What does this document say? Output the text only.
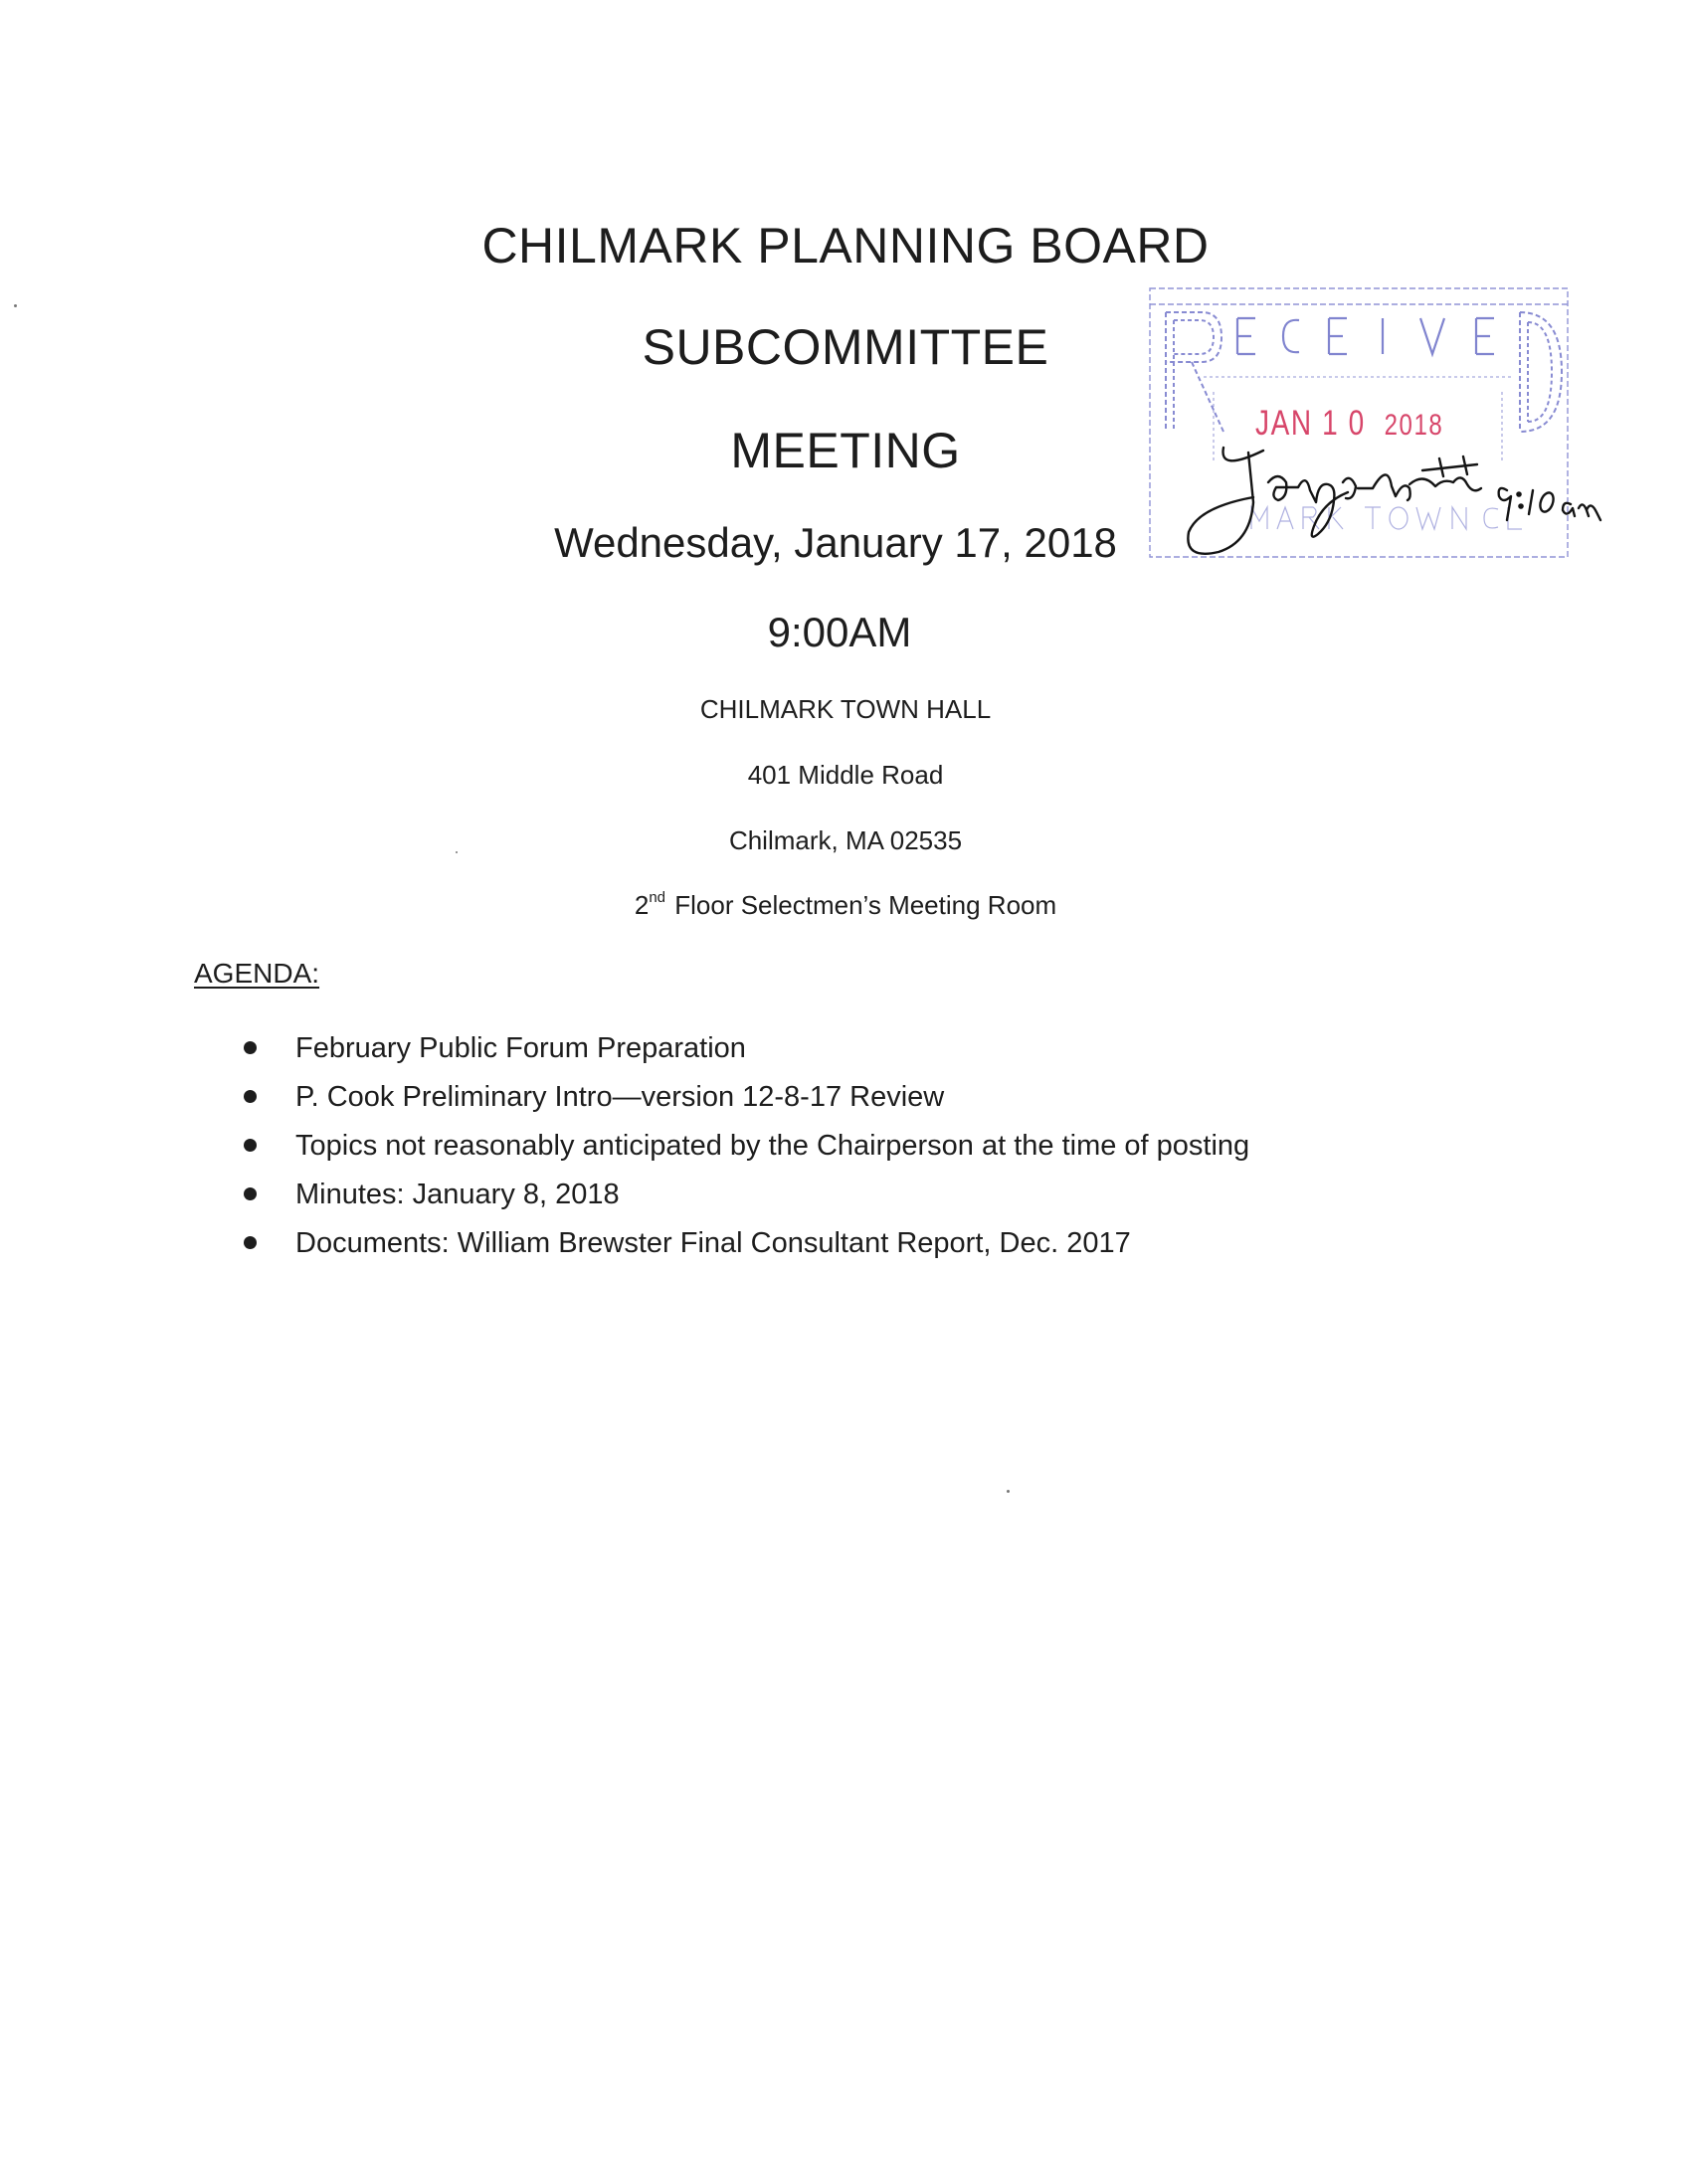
CHILMARK PLANNING BOARD
SUBCOMMITTEE
MEETING
Wednesday, January 17, 2018
9:00AM
CHILMARK TOWN HALL
401 Middle Road
Chilmark, MA 02535
2nd Floor Selectmen’s Meeting Room
AGENDA:
February Public Forum Preparation
P. Cook Preliminary Intro—version 12-8-17 Review
Topics not reasonably anticipated by the Chairperson at the time of posting
Minutes: January 8, 2018
Documents: William Brewster Final Consultant Report, Dec. 2017
JAN 1 0 2018
